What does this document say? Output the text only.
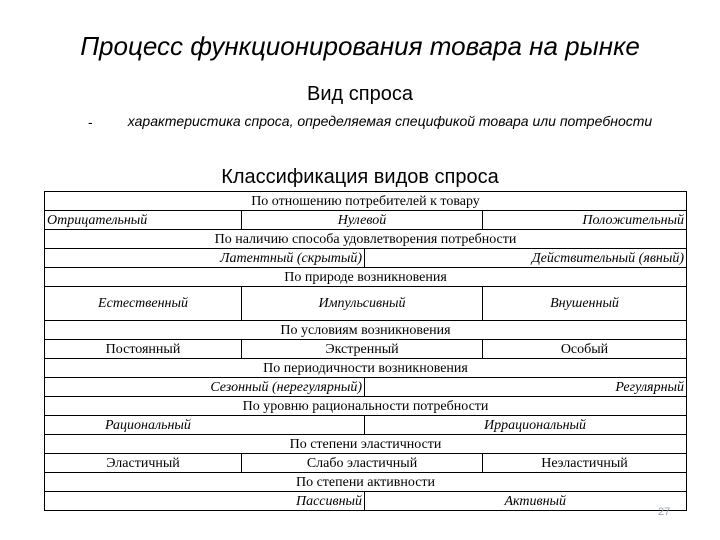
Процесс функционирования товара на рынке
Вид спроса
-	характеристика спроса, определяемая спецификой товара или потребности
Классификация видов спроса
По отношению потребителей к товару			
Отрицательный	Нулевой		Положительный
По наличию способа удовлетворения потребности			
Латентный (скрытый)		Действительный (явный)	
По природе возникновения			
Естественный	Импульсивный		Внушенный
По условиям возникновения			
Постоянный	Экстренный		Особый
По периодичности возникновения			
Сезонный (нерегулярный)		Регулярный	
По уровню рациональности потребности			
Рациональный		Иррациональный	
По степени эластичности			
Эластичный	Слабо эластичный		Неэластичный
По степени активности			
Пассивный		Активный	
27
